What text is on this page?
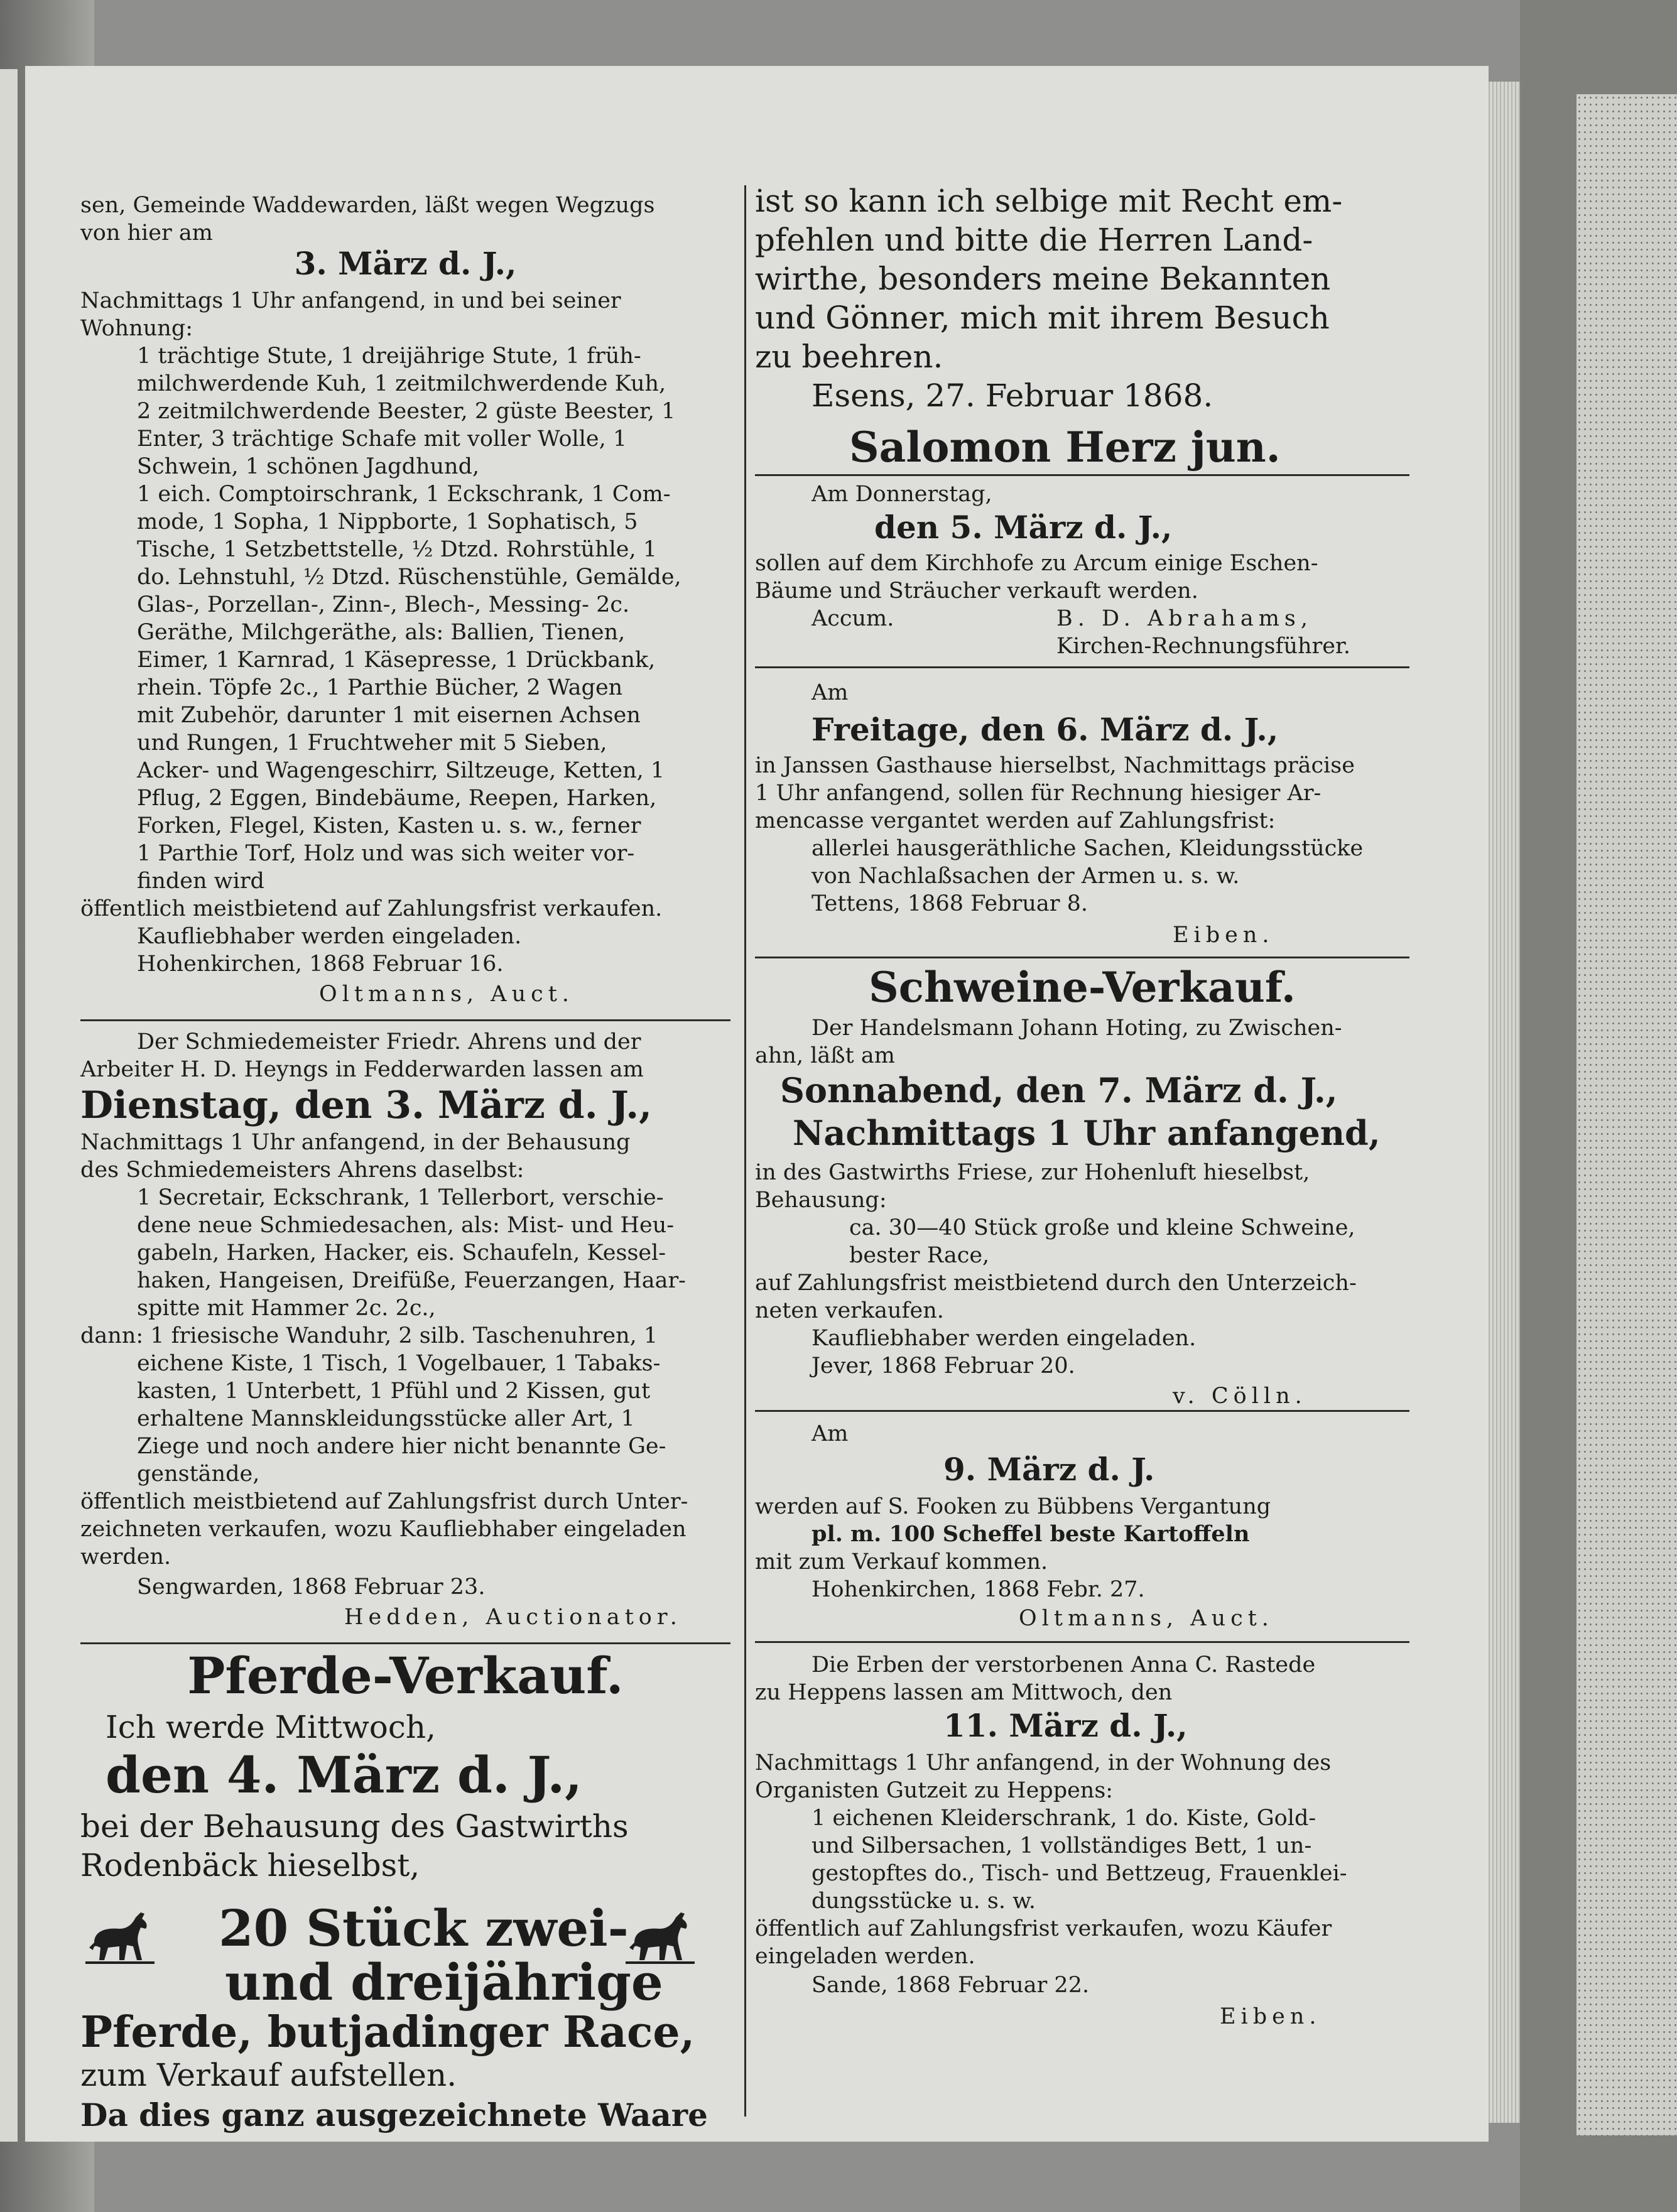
sen, Gemeinde Waddewarden, läßt wegen Wegzugs
von hier am
3. März d. J.,
Nachmittags 1 Uhr anfangend, in und bei seiner
Wohnung:
1 trächtige Stute, 1 dreijährige Stute, 1 früh-
milchwerdende Kuh, 1 zeitmilchwerdende Kuh,
2 zeitmilchwerdende Beester, 2 güste Beester, 1
Enter, 3 trächtige Schafe mit voller Wolle, 1
Schwein, 1 schönen Jagdhund,
1 eich. Comptoirschrank, 1 Eckschrank, 1 Com-
mode, 1 Sopha, 1 Nippborte, 1 Sophatisch, 5
Tische, 1 Setzbettstelle, ½ Dtzd. Rohrstühle, 1
do. Lehnstuhl, ½ Dtzd. Rüschenstühle, Gemälde,
Glas-, Porzellan-, Zinn-, Blech-, Messing- 2c.
Geräthe, Milchgeräthe, als: Ballien, Tienen,
Eimer, 1 Karnrad, 1 Käsepresse, 1 Drückbank,
rhein. Töpfe 2c., 1 Parthie Bücher, 2 Wagen
mit Zubehör, darunter 1 mit eisernen Achsen
und Rungen, 1 Fruchtweher mit 5 Sieben,
Acker- und Wagengeschirr, Siltzeuge, Ketten, 1
Pflug, 2 Eggen, Bindebäume, Reepen, Harken,
Forken, Flegel, Kisten, Kasten u. s. w., ferner
1 Parthie Torf, Holz und was sich weiter vor-
finden wird
öffentlich meistbietend auf Zahlungsfrist verkaufen.
Kaufliebhaber werden eingeladen.
Hohenkirchen, 1868 Februar 16.
Oltmanns, Auct.
Der Schmiedemeister Friedr. Ahrens und der
Arbeiter H. D. Heyngs in Fedderwarden lassen am
Dienstag, den 3. März d. J.,
Nachmittags 1 Uhr anfangend, in der Behausung
des Schmiedemeisters Ahrens daselbst:
1 Secretair, Eckschrank, 1 Tellerbort, verschie-
dene neue Schmiedesachen, als: Mist- und Heu-
gabeln, Harken, Hacker, eis. Schaufeln, Kessel-
haken, Hangeisen, Dreifüße, Feuerzangen, Haar-
spitte mit Hammer 2c. 2c.,
dann: 1 friesische Wanduhr, 2 silb. Taschenuhren, 1
eichene Kiste, 1 Tisch, 1 Vogelbauer, 1 Tabaks-
kasten, 1 Unterbett, 1 Pfühl und 2 Kissen, gut
erhaltene Mannskleidungsstücke aller Art, 1
Ziege und noch andere hier nicht benannte Ge-
genstände,
öffentlich meistbietend auf Zahlungsfrist durch Unter-
zeichneten verkaufen, wozu Kaufliebhaber eingeladen
werden.
Sengwarden, 1868 Februar 23.
Hedden, Auctionator.
Pferde-Verkauf.
Ich werde Mittwoch,
den 4. März d. J.,
bei der Behausung des Gastwirths
Rodenbäck hieselbst,
20 Stück zwei-
und dreijährige
Pferde, butjadinger Race,
zum Verkauf aufstellen.
Da dies ganz ausgezeichnete Waare
ist so kann ich selbige mit Recht em-
pfehlen und bitte die Herren Land-
wirthe, besonders meine Bekannten
und Gönner, mich mit ihrem Besuch
zu beehren.
Esens, 27. Februar 1868.
Salomon Herz jun.
Am Donnerstag,
den 5. März d. J.,
sollen auf dem Kirchhofe zu Arcum einige Eschen-
Bäume und Sträucher verkauft werden.
Accum.	B. D. Abrahams,
Kirchen-Rechnungsführer.
Am
Freitage, den 6. März d. J.,
in Janssen Gasthause hierselbst, Nachmittags präcise
1 Uhr anfangend, sollen für Rechnung hiesiger Ar-
mencasse vergantet werden auf Zahlungsfrist:
allerlei hausgeräthliche Sachen, Kleidungsstücke
von Nachlaßsachen der Armen u. s. w.
Tettens, 1868 Februar 8.
Eiben.
Schweine-Verkauf.
Der Handelsmann Johann Hoting, zu Zwischen-
ahn, läßt am
Sonnabend, den 7. März d. J.,
Nachmittags 1 Uhr anfangend,
in des Gastwirths Friese, zur Hohenluft hieselbst,
Behausung:
ca. 30—40 Stück große und kleine Schweine,
bester Race,
auf Zahlungsfrist meistbietend durch den Unterzeich-
neten verkaufen.
Kaufliebhaber werden eingeladen.
Jever, 1868 Februar 20.
v. Cölln.
Am
9. März d. J.
werden auf S. Fooken zu Bübbens Vergantung
pl. m. 100 Scheffel beste Kartoffeln
mit zum Verkauf kommen.
Hohenkirchen, 1868 Febr. 27.
Oltmanns, Auct.
Die Erben der verstorbenen Anna C. Rastede
zu Heppens lassen am Mittwoch, den
11. März d. J.,
Nachmittags 1 Uhr anfangend, in der Wohnung des
Organisten Gutzeit zu Heppens:
1 eichenen Kleiderschrank, 1 do. Kiste, Gold-
und Silbersachen, 1 vollständiges Bett, 1 un-
gestopftes do., Tisch- und Bettzeug, Frauenklei-
dungsstücke u. s. w.
öffentlich auf Zahlungsfrist verkaufen, wozu Käufer
eingeladen werden.
Sande, 1868 Februar 22.
Eiben.
